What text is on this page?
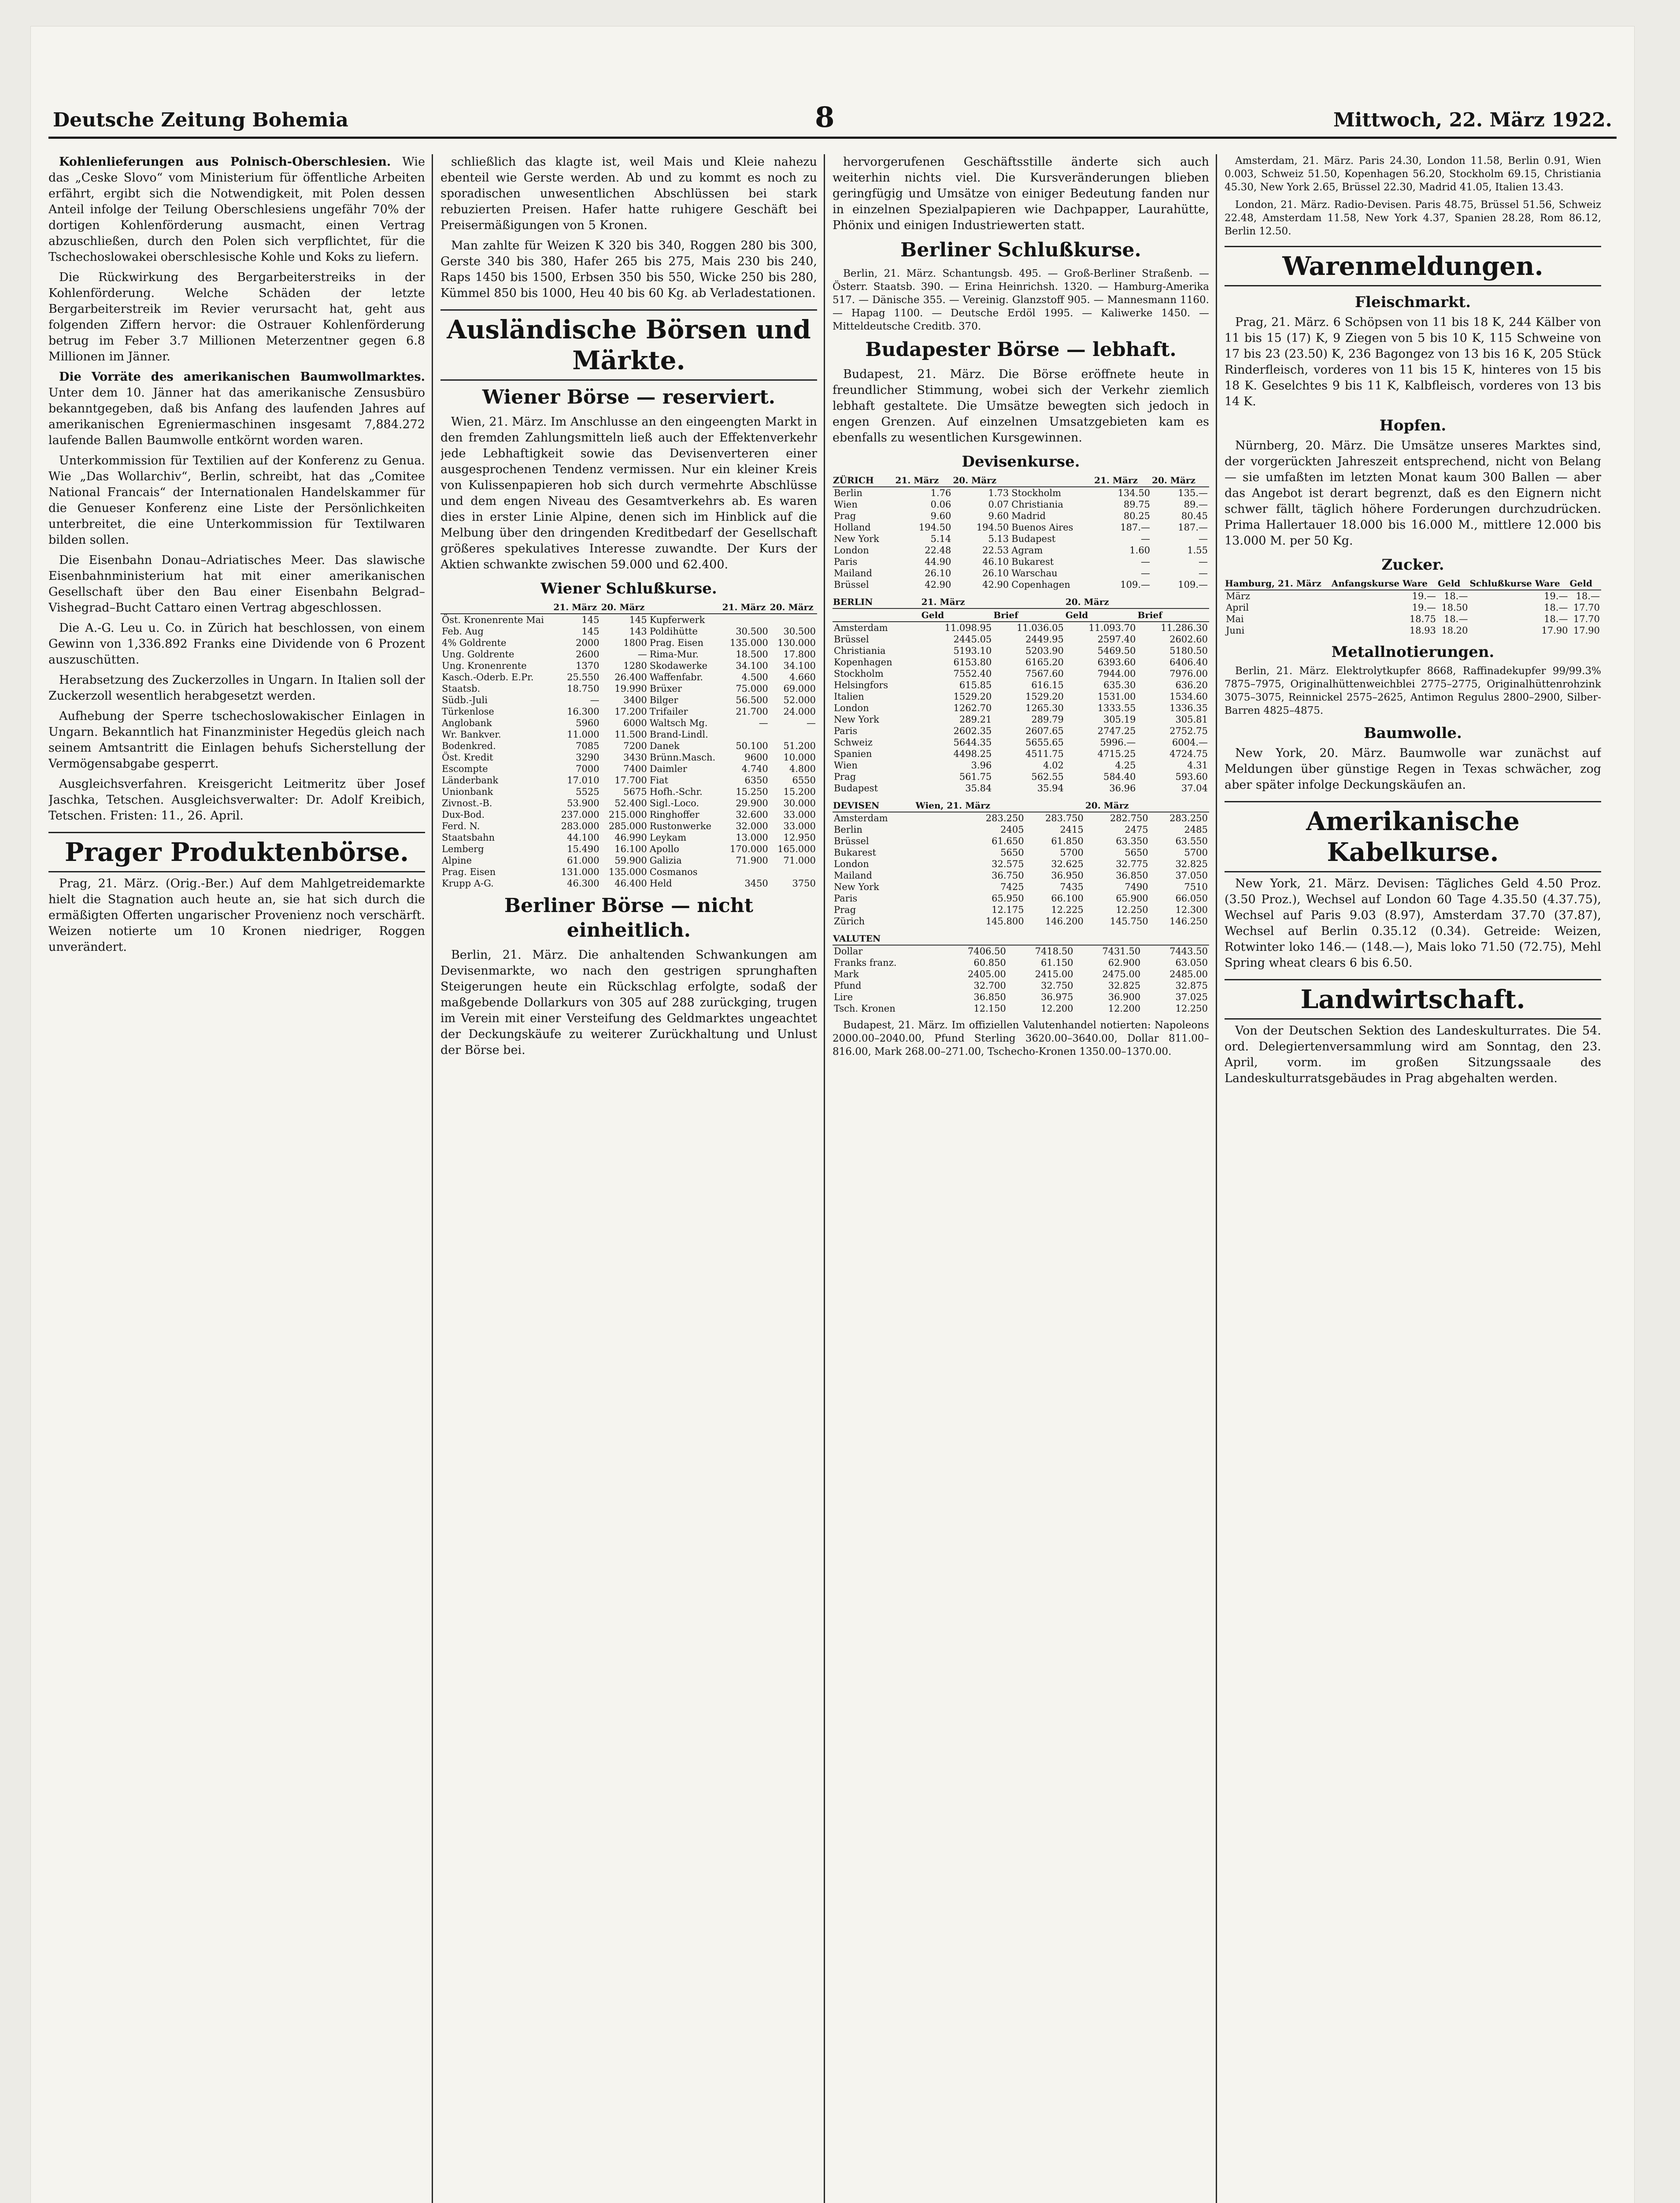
Deutsche Zeitung Bohemia	8	Mittwoch, 22. März 1922.

Kohlenlieferungen aus Polnisch-Oberschlesien. Wie das „Ceske Slovo“ vom Ministerium für öffentliche Arbeiten erfährt, ergibt sich die Notwendigkeit, mit Polen dessen Anteil infolge der Teilung Oberschlesiens ungefähr 70% der dortigen Kohlenförderung ausmacht, einen Vertrag abzuschließen, durch den Polen sich verpflichtet, für die Tschechoslowakei oberschlesische Kohle und Koks zu liefern.

Die Rückwirkung des Bergarbeiterstreiks in der Kohlenförderung. Welche Schäden der letzte Bergarbeiterstreik im Revier verursacht hat, geht aus folgenden Ziffern hervor: die Ostrauer Kohlenförderung betrug im Feber 3.7 Millionen Meterzentner gegen 6.8 Millionen im Jänner.

Die Vorräte des amerikanischen Baumwollmarktes. Unter dem 10. Jänner hat das amerikanische Zensusbüro bekanntgegeben, daß bis Anfang des laufenden Jahres auf amerikanischen Egreniermaschinen insgesamt 7,884.272 laufende Ballen Baumwolle entkörnt worden waren.

Unterkommission für Textilien auf der Konferenz zu Genua. Wie „Das Wollarchiv“, Berlin, schreibt, hat das „Comitee National Francais“ der Internationalen Handelskammer für die Genueser Konferenz eine Liste der Persönlichkeiten unterbreitet, die eine Unterkommission für Textilwaren bilden sollen.

Die Eisenbahn Donau–Adriatisches Meer. Das slawische Eisenbahnministerium hat mit einer amerikanischen Gesellschaft über den Bau einer Eisenbahn Belgrad–Vishegrad–Bucht Cattaro einen Vertrag abgeschlossen.

Die A.-G. Leu u. Co. in Zürich hat beschlossen, von einem Gewinn von 1,336.892 Franks eine Dividende von 6 Prozent auszuschütten.

Herabsetzung des Zuckerzolles in Ungarn. In Italien soll der Zuckerzoll wesentlich herabgesetzt werden.

Aufhebung der Sperre tschechoslowakischer Einlagen in Ungarn. Bekanntlich hat Finanzminister Hegedüs gleich nach seinem Amtsantritt die Einlagen behufs Sicherstellung der Vermögensabgabe gesperrt.

Ausgleichsverfahren. Kreisgericht Leitmeritz über Josef Jaschka, Tetschen. Ausgleichsverwalter: Dr. Adolf Kreibich, Tetschen. Fristen: 11., 26. April.

Prager Produktenbörse.

Prag, 21. März. (Orig.-Ber.) Auf dem Mahlgetreidemarkte hielt die Stagnation auch heute an, sie hat sich durch die ermäßigten Offerten ungarischer Provenienz noch verschärft. Weizen notierte um 10 Kronen niedriger, Roggen unverändert.

schließlich das klagte ist, weil Mais und Kleie nahezu ebenteil wie Gerste werden. Ab und zu kommt es noch zu sporadischen unwesentlichen Abschlüssen bei stark rebuzierten Preisen. Hafer hatte ruhigere Geschäft bei Preisermäßigungen von 5 Kronen.

Man zahlte für Weizen K 320 bis 340, Roggen 280 bis 300, Gerste 340 bis 380, Hafer 265 bis 275, Mais 230 bis 240, Raps 1450 bis 1500, Erbsen 350 bis 550, Wicke 250 bis 280, Kümmel 850 bis 1000, Heu 40 bis 60 Kg. ab Verladestationen.

Ausländische Börsen und Märkte.
Wiener Börse — reserviert.

Wien, 21. März. Im Anschlusse an den eingeengten Markt in den fremden Zahlungsmitteln ließ auch der Effektenverkehr jede Lebhaftigkeit sowie das Devisenverteren einer ausgesprochenen Tendenz vermissen. Nur ein kleiner Kreis von Kulissenpapieren hob sich durch vermehrte Abschlüsse und dem engen Niveau des Gesamtverkehrs ab. Es waren dies in erster Linie Alpine, denen sich im Hinblick auf die Melbung über den dringenden Kreditbedarf der Gesellschaft größeres spekulatives Interesse zuwandte. Der Kurs der Aktien schwankte zwischen 59.000 und 62.400.

Wiener Schlußkurse.
	21. März	20. März		21. März	20. März
Öst. Kronenrente Mai	145	145	Kupferwerk		
Feb. Aug	145	143	Poldihütte	30.500	30.500
4% Goldrente	2000	1800	Prag. Eisen	135.000	130.000
Ung. Goldrente	2600	—	Rima-Mur.	18.500	17.800
Ung. Kronenrente	1370	1280	Skodawerke	34.100	34.100
Kasch.-Oderb. E.Pr.	25.550	26.400	Waffenfabr.	4.500	4.660
Staatsb.	18.750	19.990	Brüxer	75.000	69.000
Südb.-Juli	—	3400	Bilger	56.500	52.000
Türkenlose	16.300	17.200	Trifailer	21.700	24.000
Anglobank	5960	6000	Waltsch Mg.	—	—
Wr. Bankver.	11.000	11.500	Brand-Lindl.		
Bodenkred.	7085	7200	Danek	50.100	51.200
Öst. Kredit	3290	3430	Brünn.Masch.	9600	10.000
Escompte	7000	7400	Daimler	4.740	4.800
Länderbank	17.010	17.700	Fiat	6350	6550
Unionbank	5525	5675	Hofh.-Schr.	15.250	15.200
Zivnost.-B.	53.900	52.400	Sigl.-Loco.	29.900	30.000
Dux-Bod.	237.000	215.000	Ringhoffer	32.600	33.000
Ferd. N.	283.000	285.000	Rustonwerke	32.000	33.000
Staatsbahn	44.100	46.990	Leykam	13.000	12.950
Lemberg	15.490	16.100	Apollo	170.000	165.000
Alpine	61.000	59.900	Galizia	71.900	71.000
Prag. Eisen	131.000	135.000	Cosmanos		
Krupp A-G.	46.300	46.400	Held	3450	3750
Berliner Börse — nicht einheitlich.

Berlin, 21. März. Die anhaltenden Schwankungen am Devisenmarkte, wo nach den gestrigen sprunghaften Steigerungen heute ein Rückschlag erfolgte, sodaß der maßgebende Dollarkurs von 305 auf 288 zurückging, trugen im Verein mit einer Versteifung des Geldmarktes ungeachtet der Deckungskäufe zu weiterer Zurückhaltung und Unlust der Börse bei.

hervorgerufenen Geschäftsstille änderte sich auch weiterhin nichts viel. Die Kursveränderungen blieben geringfügig und Umsätze von einiger Bedeutung fanden nur in einzelnen Spezialpapieren wie Dachpapper, Laurahütte, Phönix und einigen Industriewerten statt.

Berliner Schlußkurse.

Berlin, 21. März. Schantungsb. 495. — Groß-Berliner Straßenb. — Österr. Staatsb. 390. — Erina Heinrichsh. 1320. — Hamburg-Amerika 517. — Dänische 355. — Vereinig. Glanzstoff 905. — Mannesmann 1160. — Hapag 1100. — Deutsche Erdöl 1995. — Kaliwerke 1450. — Mitteldeutsche Creditb. 370.

Budapester Börse — lebhaft.

Budapest, 21. März. Die Börse eröffnete heute in freundlicher Stimmung, wobei sich der Verkehr ziemlich lebhaft gestaltete. Die Umsätze bewegten sich jedoch in engen Grenzen. Auf einzelnen Umsatzgebieten kam es ebenfalls zu wesentlichen Kursgewinnen.

Devisenkurse.
ZÜRICH	21. März	20. März		21. März	20. März
Berlin	1.76	1.73	Stockholm	134.50	135.—
Wien	0.06	0.07	Christiania	89.75	89.—
Prag	9.60	9.60	Madrid	80.25	80.45
Holland	194.50	194.50	Buenos Aires	187.—	187.—
New York	5.14	5.13	Budapest	—	—
London	22.48	22.53	Agram	1.60	1.55
Paris	44.90	46.10	Bukarest	—	—
Mailand	26.10	26.10	Warschau	—	—
Brüssel	42.90	42.90	Copenhagen	109.—	109.—
BERLIN	21. März		20. März	
	Geld	Brief	Geld	Brief
Amsterdam	11.098.95	11.036.05	11.093.70	11.286.30
Brüssel	2445.05	2449.95	2597.40	2602.60
Christiania	5193.10	5203.90	5469.50	5180.50
Kopenhagen	6153.80	6165.20	6393.60	6406.40
Stockholm	7552.40	7567.60	7944.00	7976.00
Helsingfors	615.85	616.15	635.30	636.20
Italien	1529.20	1529.20	1531.00	1534.60
London	1262.70	1265.30	1333.55	1336.35
New York	289.21	289.79	305.19	305.81
Paris	2602.35	2607.65	2747.25	2752.75
Schweiz	5644.35	5655.65	5996.—	6004.—
Spanien	4498.25	4511.75	4715.25	4724.75
Wien	3.96	4.02	4.25	4.31
Prag	561.75	562.55	584.40	593.60
Budapest	35.84	35.94	36.96	37.04
DEVISEN	Wien, 21. März		20. März	
Amsterdam	283.250	283.750	282.750	283.250
Berlin	2405	2415	2475	2485
Brüssel	61.650	61.850	63.350	63.550
Bukarest	5650	5700	5650	5700
London	32.575	32.625	32.775	32.825
Mailand	36.750	36.950	36.850	37.050
New York	7425	7435	7490	7510
Paris	65.950	66.100	65.900	66.050
Prag	12.175	12.225	12.250	12.300
Zürich	145.800	146.200	145.750	146.250
VALUTEN				
Dollar	7406.50	7418.50	7431.50	7443.50
Franks franz.	60.850	61.150	62.900	63.050
Mark	2405.00	2415.00	2475.00	2485.00
Pfund	32.700	32.750	32.825	32.875
Lire	36.850	36.975	36.900	37.025
Tsch. Kronen	12.150	12.200	12.200	12.250

Budapest, 21. März. Im offiziellen Valutenhandel notierten: Napoleons 2000.00–2040.00, Pfund Sterling 3620.00–3640.00, Dollar 811.00–816.00, Mark 268.00–271.00, Tschecho-Kronen 1350.00–1370.00.

Amsterdam, 21. März. Paris 24.30, London 11.58, Berlin 0.91, Wien 0.003, Schweiz 51.50, Kopenhagen 56.20, Stockholm 69.15, Christiania 45.30, New York 2.65, Brüssel 22.30, Madrid 41.05, Italien 13.43.

London, 21. März. Radio-Devisen. Paris 48.75, Brüssel 51.56, Schweiz 22.48, Amsterdam 11.58, New York 4.37, Spanien 28.28, Rom 86.12, Berlin 12.50.

Warenmeldungen.
Fleischmarkt.

Prag, 21. März. 6 Schöpsen von 11 bis 18 K, 244 Kälber von 11 bis 15 (17) K, 9 Ziegen von 5 bis 10 K, 115 Schweine von 17 bis 23 (23.50) K, 236 Bagongez von 13 bis 16 K, 205 Stück Rinderfleisch, vorderes von 11 bis 15 K, hinteres von 15 bis 18 K. Geselchtes 9 bis 11 K, Kalbfleisch, vorderes von 13 bis 14 K.

Hopfen.

Nürnberg, 20. März. Die Umsätze unseres Marktes sind, der vorgerückten Jahreszeit entsprechend, nicht von Belang — sie umfaßten im letzten Monat kaum 300 Ballen — aber das Angebot ist derart begrenzt, daß es den Eignern nicht schwer fällt, täglich höhere Forderungen durchzudrücken. Prima Hallertauer 18.000 bis 16.000 M., mittlere 12.000 bis 13.000 M. per 50 Kg.

Zucker.
Hamburg, 21. März	Anfangskurse Ware	Geld	Schlußkurse Ware	Geld
März	19.—	18.—	19.—	18.—
April	19.—	18.50	18.—	17.70
Mai	18.75	18.—	18.—	17.70
Juni	18.93	18.20	17.90	17.90
Metallnotierungen.

Berlin, 21. März. Elektrolytkupfer 8668, Raffinadekupfer 99/99.3% 7875–7975, Originalhüttenweichblei 2775–2775, Originalhüttenrohzink 3075–3075, Reinnickel 2575–2625, Antimon Regulus 2800–2900, Silber-Barren 4825–4875.

Baumwolle.

New York, 20. März. Baumwolle war zunächst auf Meldungen über günstige Regen in Texas schwächer, zog aber später infolge Deckungskäufen an.

Amerikanische Kabelkurse.

New York, 21. März. Devisen: Tägliches Geld 4.50 Proz. (3.50 Proz.), Wechsel auf London 60 Tage 4.35.50 (4.37.75), Wechsel auf Paris 9.03 (8.97), Amsterdam 37.70 (37.87), Wechsel auf Berlin 0.35.12 (0.34). Getreide: Weizen, Rotwinter loko 146.— (148.—), Mais loko 71.50 (72.75), Mehl Spring wheat clears 6 bis 6.50.

Landwirtschaft.

Von der Deutschen Sektion des Landeskulturrates. Die 54. ord. Delegiertenversammlung wird am Sonntag, den 23. April, vorm. im großen Sitzungssaale des Landeskulturratsgebäudes in Prag abgehalten werden.
